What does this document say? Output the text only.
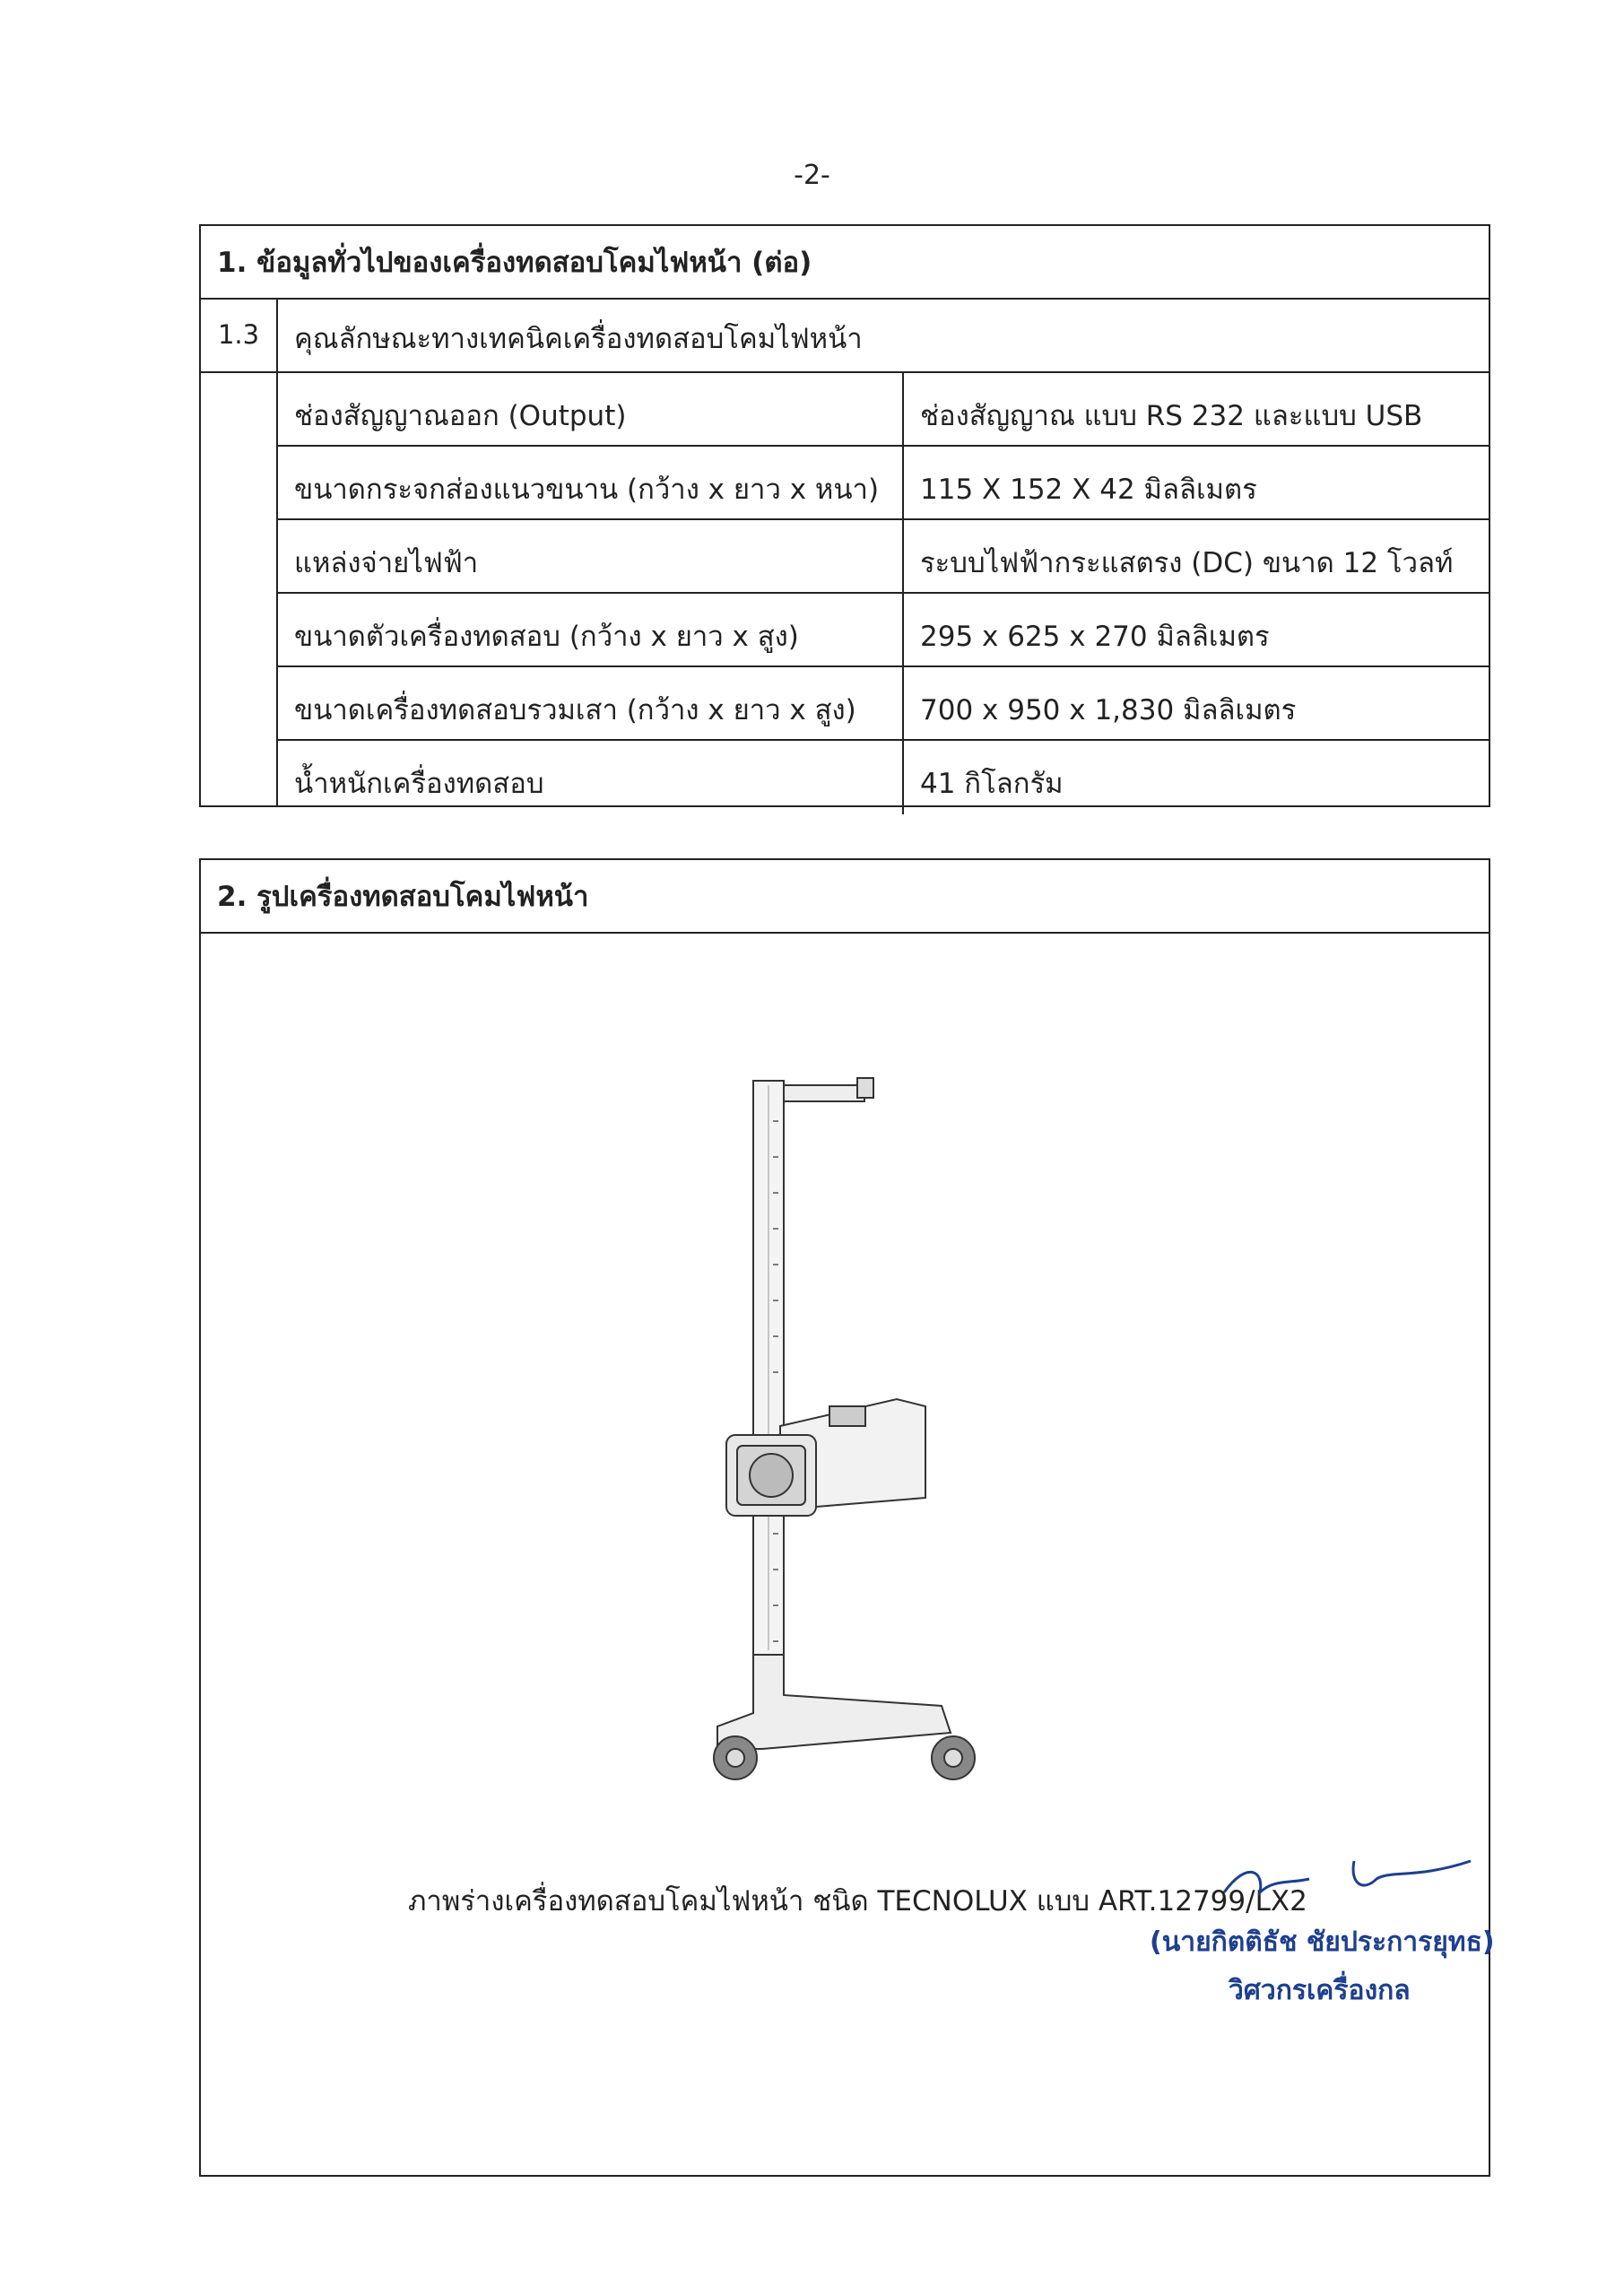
-2-
1. ข้อมูลทั่วไปของเครื่องทดสอบโคมไฟหน้า (ต่อ)
1.3	คุณลักษณะทางเทคนิคเครื่องทดสอบโคมไฟหน้า
ช่องสัญญาณออก (Output)	ช่องสัญญาณ แบบ RS 232 และแบบ USB
ขนาดกระจกส่องแนวขนาน (กว้าง x ยาว x หนา) 115 X 152 X 42 มิลลิเมตร
แหล่งจ่ายไฟฟ้า	ระบบไฟฟ้ากระแสตรง (DC) ขนาด 12 โวลท์
ขนาดตัวเครื่องทดสอบ (กว้าง x ยาว x สูง)	295 x 625 x 270 มิลลิเมตร
ขนาดเครื่องทดสอบรวมเสา (กว้าง x ยาว x สูง) 700 x 950 x 1,830 มิลลิเมตร
น้ำหนักเครื่องทดสอบ	41 กิโลกรัม
2. รูปเครื่องทดสอบโคมไฟหน้า
ภาพร่างเครื่องทดสอบโคมไฟหน้า ชนิด TECNOLUX แบบ ART.12799/LX2
(นายกิตติธัช ชัยประการยุทธ)
วิศวกรเครื่องกล
